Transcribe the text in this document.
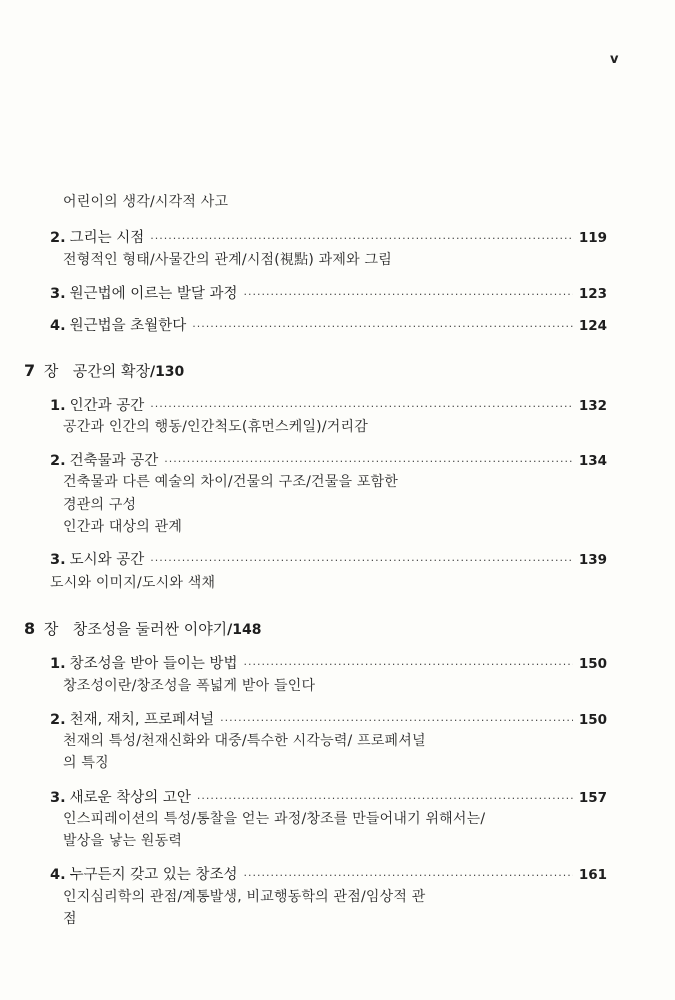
v
어린이의 생각/시각적 사고
2. 그리는 시점 ·····	119
전형적인 형태/사물간의 관계/시점(視點) 과제와 그림
3. 원근법에 이르는 발달 과정 ·····	123
4. 원근법을 초월한다 ·····	124
7 장 공간의 확장/130
1. 인간과 공간 ·····	132
공간과 인간의 행동/인간척도(휴먼스케일)/거리감
2. 건축물과 공간 ·····	134
건축물과 다른 예술의 차이/건물의 구조/건물을 포함한
경관의 구성
인간과 대상의 관계
3. 도시와 공간 ·····	139
도시와 이미지/도시와 색채
8 장 창조성을 둘러싼 이야기/148
1. 창조성을 받아 들이는 방법 ·····	150
창조성이란/창조성을 폭넓게 받아 들인다
2. 천재, 재치, 프로페셔널 ·····	150
천재의 특성/천재신화와 대중/특수한 시각능력/ 프로페셔널
의 특징
3. 새로운 착상의 고안 ·····	157
인스피레이션의 특성/통찰을 얻는 과정/창조를 만들어내기 위해서는/
발상을 낳는 원동력
4. 누구든지 갖고 있는 창조성 ·····	161
인지심리학의 관점/계통발생, 비교행동학의 관점/임상적 관
점
